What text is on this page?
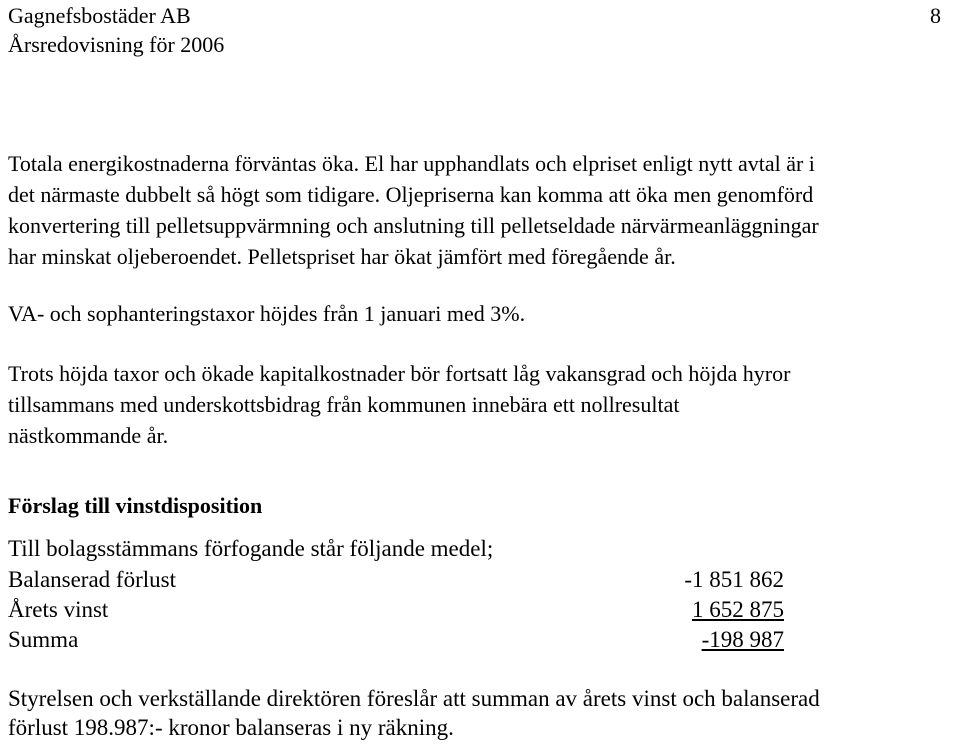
Gagnefsbostäder AB
Årsredovisning för 2006
8
Totala energikostnaderna förväntas öka. El har upphandlats och elpriset enligt nytt avtal är i
det närmaste dubbelt så högt som tidigare. Oljepriserna kan komma att öka men genomförd
konvertering till pelletsuppvärmning och anslutning till pelletseldade närvärmeanläggningar
har minskat oljeberoendet. Pelletspriset har ökat jämfört med föregående år.
VA- och sophanteringstaxor höjdes från 1 januari med 3%.
Trots höjda taxor och ökade kapitalkostnader bör fortsatt låg vakansgrad och höjda hyror
tillsammans med underskottsbidrag från kommunen innebära ett nollresultat
nästkommande år.
Förslag till vinstdisposition
Till bolagsstämmans förfogande står följande medel;
Balanserad förlust	-1 851 862
Årets vinst	1 652 875
Summa	-198 987
Styrelsen och verkställande direktören föreslår att summan av årets vinst och balanserad
förlust 198.987:- kronor balanseras i ny räkning.
